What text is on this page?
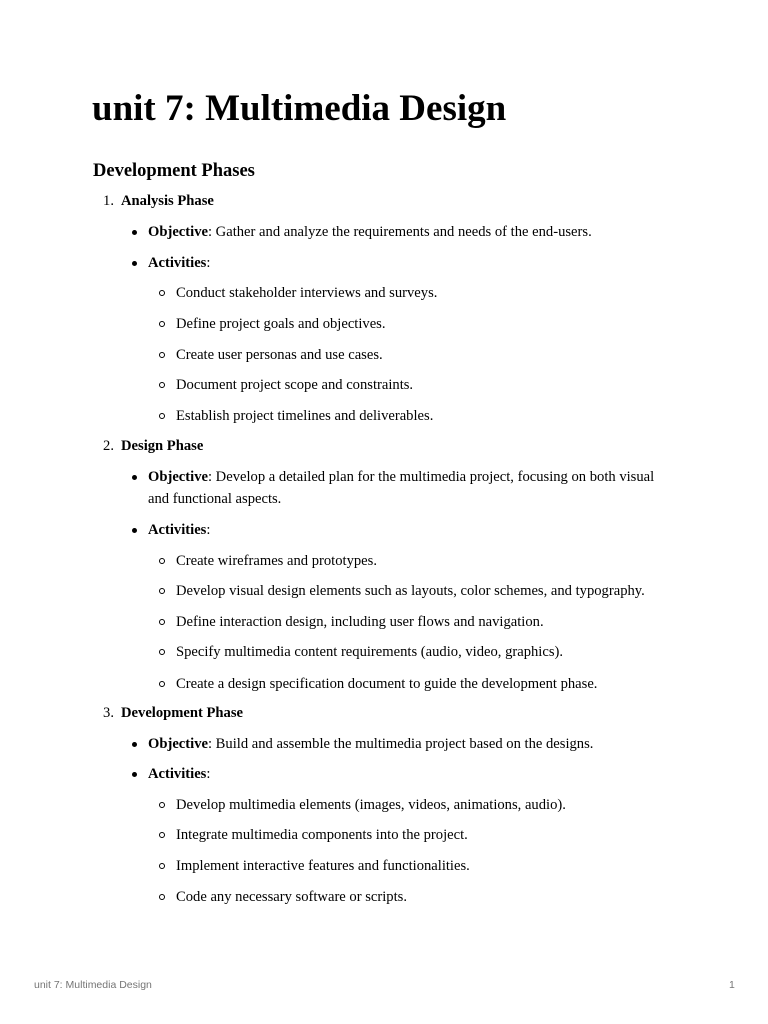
unit 7: Multimedia Design
Development Phases
1. Analysis Phase
Objective: Gather and analyze the requirements and needs of the end-users.
Activities:
Conduct stakeholder interviews and surveys.
Define project goals and objectives.
Create user personas and use cases.
Document project scope and constraints.
Establish project timelines and deliverables.
2. Design Phase
Objective: Develop a detailed plan for the multimedia project, focusing on both visual and functional aspects.
Activities:
Create wireframes and prototypes.
Develop visual design elements such as layouts, color schemes, and typography.
Define interaction design, including user flows and navigation.
Specify multimedia content requirements (audio, video, graphics).
Create a design specification document to guide the development phase.
3. Development Phase
Objective: Build and assemble the multimedia project based on the designs.
Activities:
Develop multimedia elements (images, videos, animations, audio).
Integrate multimedia components into the project.
Implement interactive features and functionalities.
Code any necessary software or scripts.
unit 7: Multimedia Design	1
